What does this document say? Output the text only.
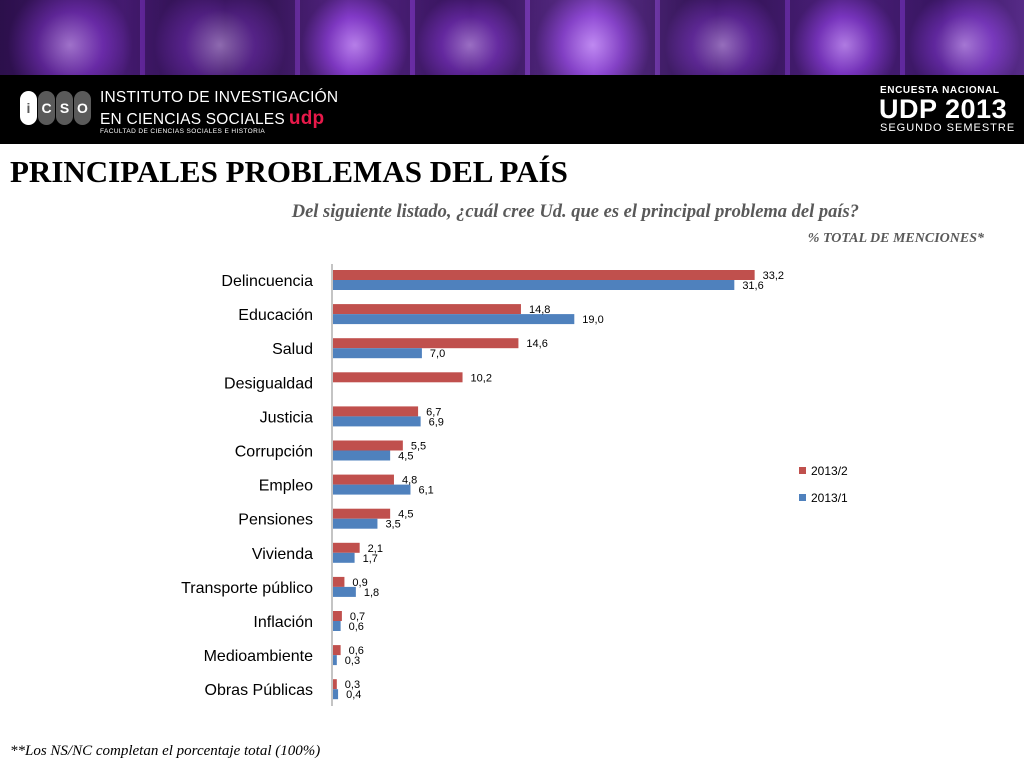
i C S O
INSTITUTO DE INVESTIGACIÓN
EN CIENCIAS SOCIALES udp
FACULTAD DE CIENCIAS SOCIALES E HISTORIA
ENCUESTA NACIONAL
UDP 2013
SEGUNDO SEMESTRE
PRINCIPALES PROBLEMAS DEL PAÍS
Del siguiente listado, ¿cuál cree Ud. que es el principal problema del país?
% TOTAL DE MENCIONES*
Delincuencia
Educación
Salud
Desigualdad
Justicia
Corrupción
Empleo
Pensiones
Vivienda
Transporte público
Inflación
Medioambiente
Obras Públicas
33,2
31,6
14,8
19,0
14,6
7,0
10,2
6,7
6,9
5,5
4,5
4,8
6,1
4,5
3,5
2,1
1,7
0,9
1,8
0,7
0,6
0,6
0,3
0,3
0,4
2013/2
2013/1
**Los NS/NC completan el porcentaje total (100%)
